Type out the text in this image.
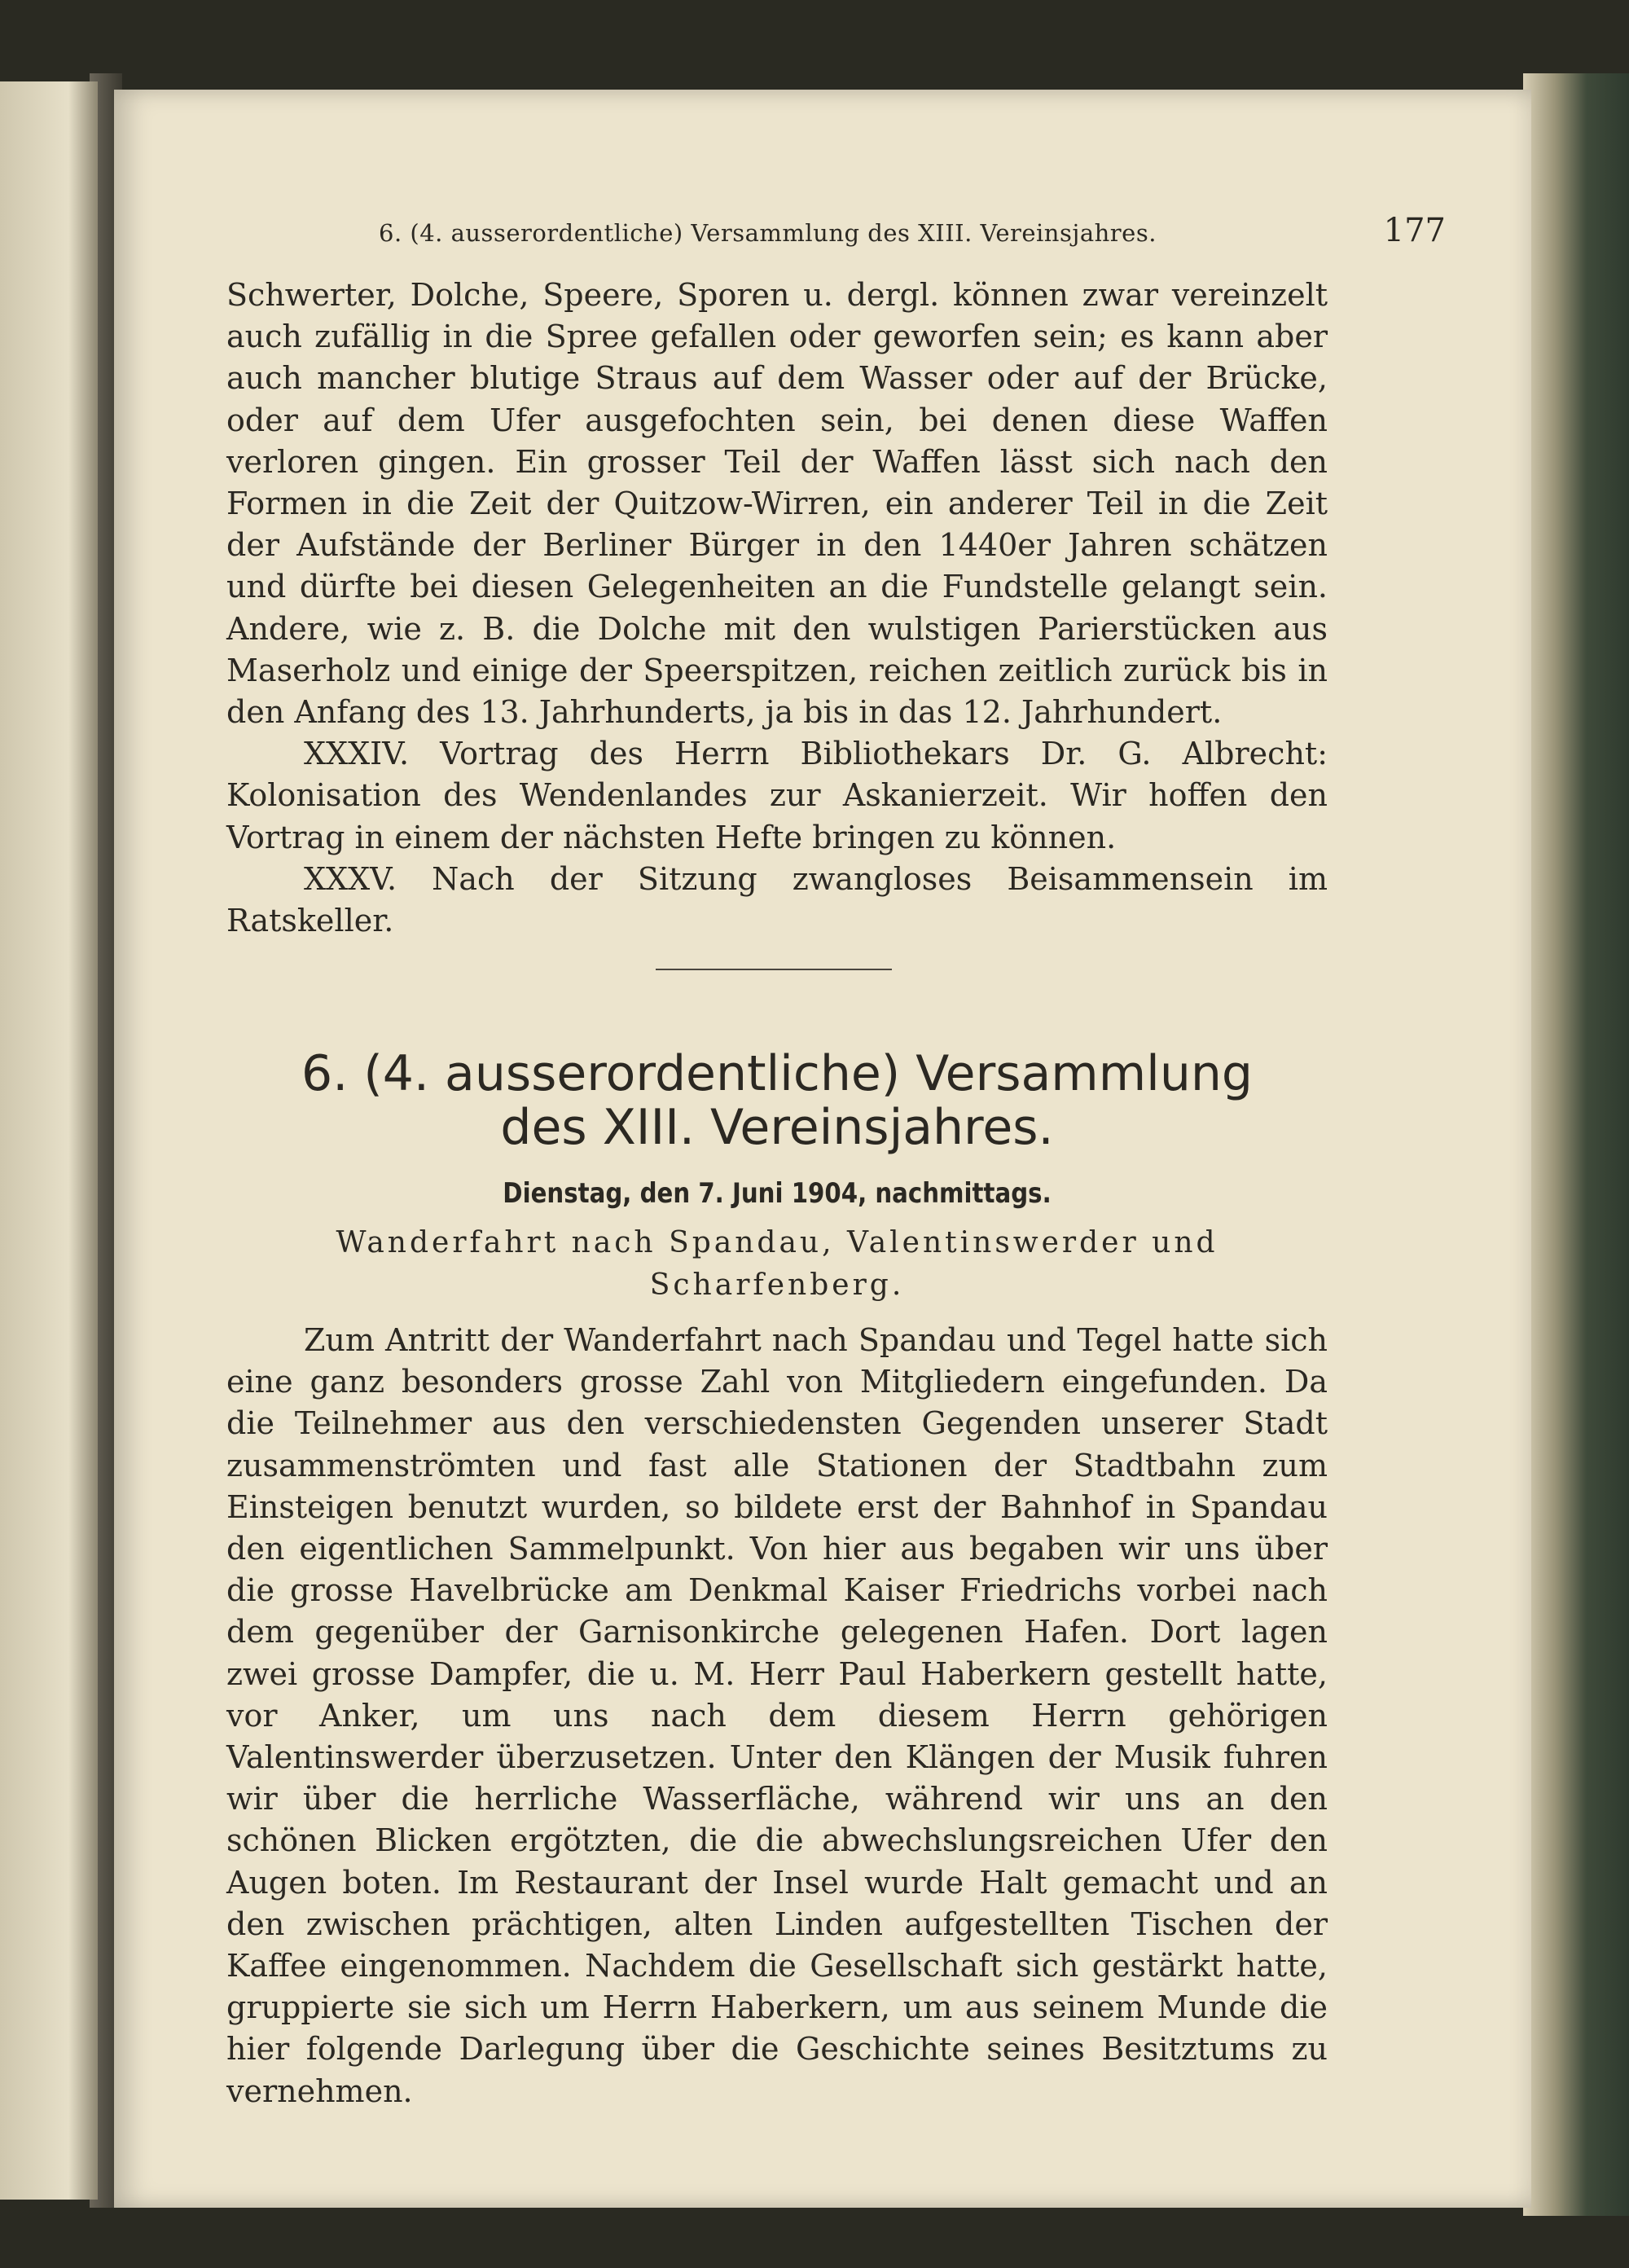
6. (4. ausserordentliche) Versammlung des XIII. Vereinsjahres.	177

Schwerter, Dolche, Speere, Sporen u. dergl. können zwar vereinzelt auch zufällig in die Spree gefallen oder geworfen sein; es kann aber auch mancher blutige Straus auf dem Wasser oder auf der Brücke, oder auf dem Ufer ausgefochten sein, bei denen diese Waffen verloren gingen. Ein grosser Teil der Waffen lässt sich nach den Formen in die Zeit der Quitzow-Wirren, ein anderer Teil in die Zeit der Aufstände der Berliner Bürger in den 1440er Jahren schätzen und dürfte bei diesen Gelegenheiten an die Fundstelle gelangt sein. Andere, wie z. B. die Dolche mit den wulstigen Parierstücken aus Maserholz und einige der Speerspitzen, reichen zeitlich zurück bis in den Anfang des 13. Jahrhunderts, ja bis in das 12. Jahrhundert.

XXXIV. Vortrag des Herrn Bibliothekars Dr. G. Albrecht: Kolonisation des Wendenlandes zur Askanierzeit. Wir hoffen den Vortrag in einem der nächsten Hefte bringen zu können.

XXXV. Nach der Sitzung zwangloses Beisammensein im Ratskeller.

6. (4. ausserordentliche) Versammlung
des XIII. Vereinsjahres.
Dienstag, den 7. Juni 1904, nachmittags.
Wanderfahrt nach Spandau, Valentinswerder und
Scharfenberg.

Zum Antritt der Wanderfahrt nach Spandau und Tegel hatte sich eine ganz besonders grosse Zahl von Mitgliedern eingefunden. Da die Teilnehmer aus den verschiedensten Gegenden unserer Stadt zusammenströmten und fast alle Stationen der Stadtbahn zum Einsteigen benutzt wurden, so bildete erst der Bahnhof in Spandau den eigentlichen Sammelpunkt. Von hier aus begaben wir uns über die grosse Havelbrücke am Denkmal Kaiser Friedrichs vorbei nach dem gegenüber der Garnisonkirche gelegenen Hafen. Dort lagen zwei grosse Dampfer, die u. M. Herr Paul Haberkern gestellt hatte, vor Anker, um uns nach dem diesem Herrn gehörigen Valentinswerder überzusetzen. Unter den Klängen der Musik fuhren wir über die herrliche Wasserfläche, während wir uns an den schönen Blicken ergötzten, die die abwechslungsreichen Ufer den Augen boten. Im Restaurant der Insel wurde Halt gemacht und an den zwischen prächtigen, alten Linden aufgestellten Tischen der Kaffee eingenommen. Nachdem die Gesellschaft sich gestärkt hatte, gruppierte sie sich um Herrn Haberkern, um aus seinem Munde die hier folgende Darlegung über die Geschichte seines Besitztums zu vernehmen.
